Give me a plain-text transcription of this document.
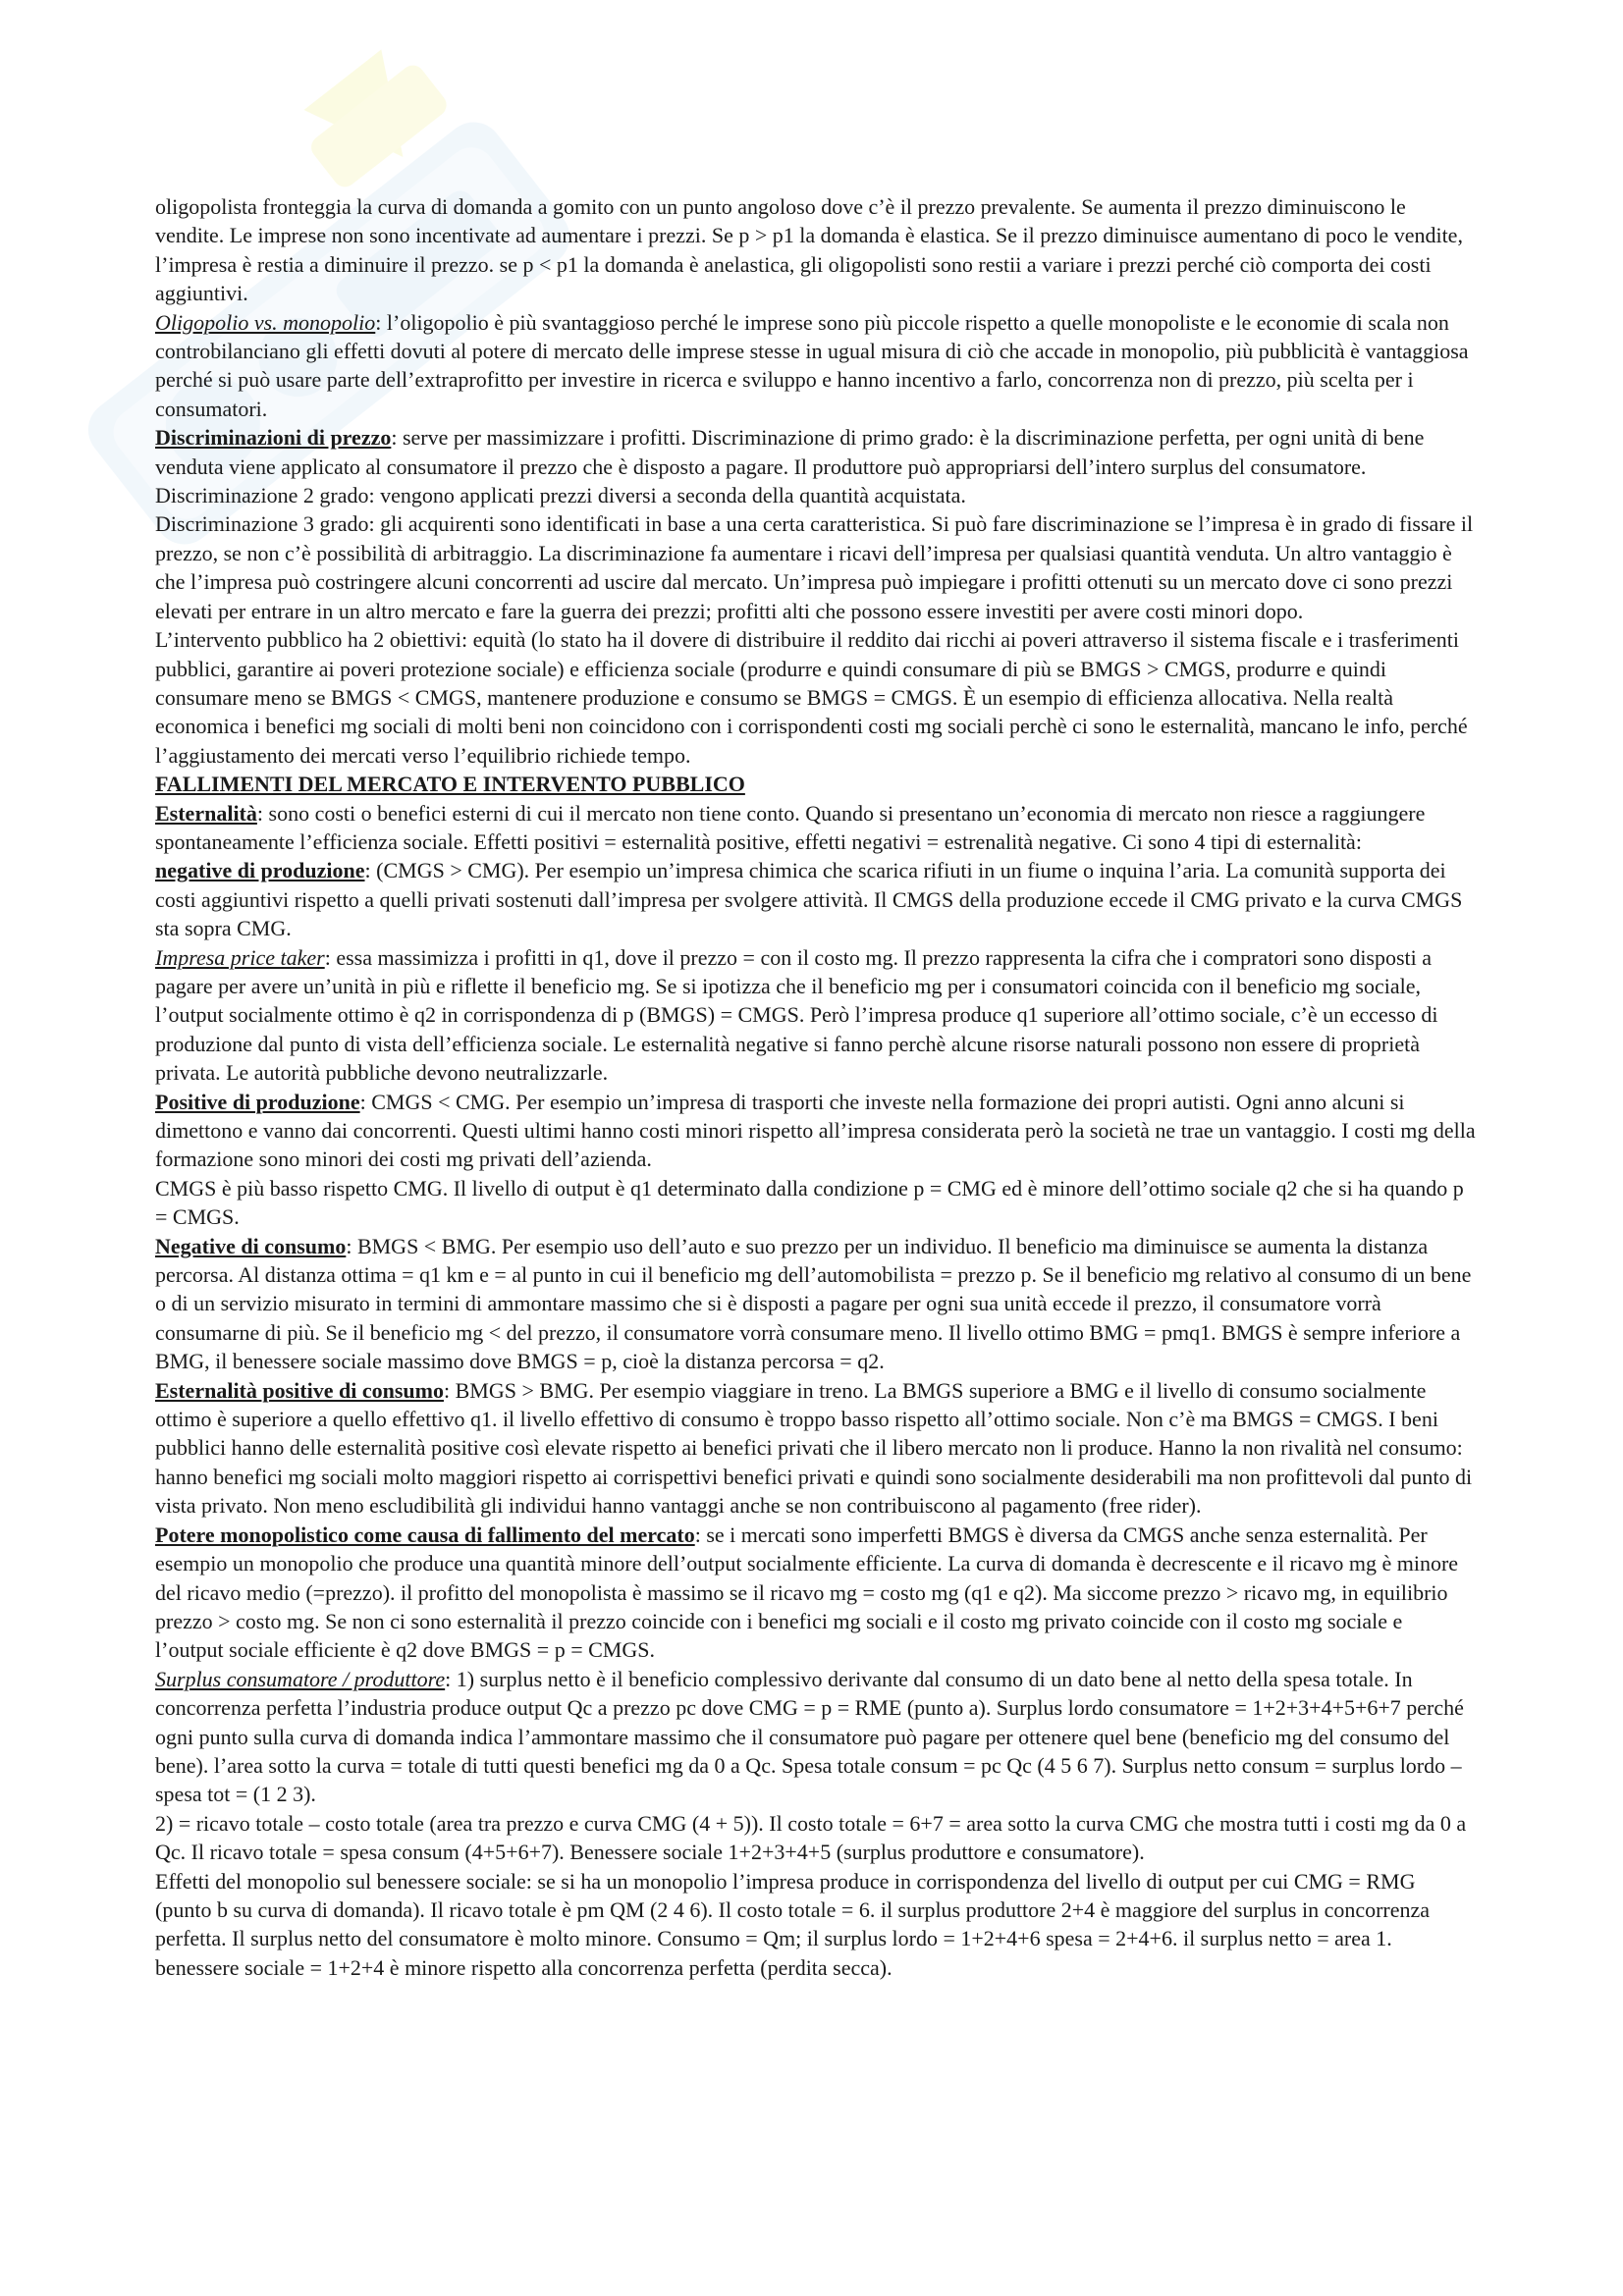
oligopolista fronteggia la curva di domanda a gomito con un punto angoloso dove c’è il prezzo prevalente. Se aumenta il prezzo diminuiscono le vendite. Le imprese non sono incentivate ad aumentare i prezzi. Se p > p1 la domanda è elastica. Se il prezzo diminuisce aumentano di poco le vendite, l’impresa è restia a diminuire il prezzo. se p < p1 la domanda è anelastica, gli oligopolisti sono restii a variare i prezzi perché ciò comporta dei costi aggiuntivi.

Oligopolio vs. monopolio: l’oligopolio è più svantaggioso perché le imprese sono più piccole rispetto a quelle monopoliste e le economie di scala non controbilanciano gli effetti dovuti al potere di mercato delle imprese stesse in ugual misura di ciò che accade in monopolio, più pubblicità è vantaggiosa perché si può usare parte dell’extraprofitto per investire in ricerca e sviluppo e hanno incentivo a farlo, concorrenza non di prezzo, più scelta per i consumatori.

Discriminazioni di prezzo: serve per massimizzare i profitti. Discriminazione di primo grado: è la discriminazione perfetta, per ogni unità di bene venduta viene applicato al consumatore il prezzo che è disposto a pagare. Il produttore può appropriarsi dell’intero surplus del consumatore. Discriminazione 2 grado: vengono applicati prezzi diversi a seconda della quantità acquistata.

Discriminazione 3 grado: gli acquirenti sono identificati in base a una certa caratteristica. Si può fare discriminazione se l’impresa è in grado di fissare il prezzo, se non c’è possibilità di arbitraggio. La discriminazione fa aumentare i ricavi dell’impresa per qualsiasi quantità venduta. Un altro vantaggio è che l’impresa può costringere alcuni concorrenti ad uscire dal mercato. Un’impresa può impiegare i profitti ottenuti su un mercato dove ci sono prezzi elevati per entrare in un altro mercato e fare la guerra dei prezzi; profitti alti che possono essere investiti per avere costi minori dopo.

L’intervento pubblico ha 2 obiettivi: equità (lo stato ha il dovere di distribuire il reddito dai ricchi ai poveri attraverso il sistema fiscale e i trasferimenti pubblici, garantire ai poveri protezione sociale) e efficienza sociale (produrre e quindi consumare di più se BMGS > CMGS, produrre e quindi consumare meno se BMGS < CMGS, mantenere produzione e consumo se BMGS = CMGS. È un esempio di efficienza allocativa. Nella realtà economica i benefici mg sociali di molti beni non coincidono con i corrispondenti costi mg sociali perchè ci sono le esternalità, mancano le info, perché l’aggiustamento dei mercati verso l’equilibrio richiede tempo.

FALLIMENTI DEL MERCATO E INTERVENTO PUBBLICO

Esternalità: sono costi o benefici esterni di cui il mercato non tiene conto. Quando si presentano un’economia di mercato non riesce a raggiungere spontaneamente l’efficienza sociale. Effetti positivi = esternalità positive, effetti negativi = estrenalità negative. Ci sono 4 tipi di esternalità:

negative di produzione: (CMGS > CMG). Per esempio un’impresa chimica che scarica rifiuti in un fiume o inquina l’aria. La comunità supporta dei costi aggiuntivi rispetto a quelli privati sostenuti dall’impresa per svolgere attività. Il CMGS della produzione eccede il CMG privato e la curva CMGS sta sopra CMG.

Impresa price taker: essa massimizza i profitti in q1, dove il prezzo = con il costo mg. Il prezzo rappresenta la cifra che i compratori sono disposti a pagare per avere un’unità in più e riflette il beneficio mg. Se si ipotizza che il beneficio mg per i consumatori coincida con il beneficio mg sociale, l’output socialmente ottimo è q2 in corrispondenza di p (BMGS) = CMGS. Però l’impresa produce q1 superiore all’ottimo sociale, c’è un eccesso di produzione dal punto di vista dell’efficienza sociale. Le esternalità negative si fanno perchè alcune risorse naturali possono non essere di proprietà privata. Le autorità pubbliche devono neutralizzarle.

Positive di produzione: CMGS < CMG. Per esempio un’impresa di trasporti che investe nella formazione dei propri autisti. Ogni anno alcuni si dimettono e vanno dai concorrenti. Questi ultimi hanno costi minori rispetto all’impresa considerata però la società ne trae un vantaggio. I costi mg della formazione sono minori dei costi mg privati dell’azienda.

CMGS è più basso rispetto CMG. Il livello di output è q1 determinato dalla condizione p = CMG ed è minore dell’ottimo sociale q2 che si ha quando p = CMGS.

Negative di consumo: BMGS < BMG. Per esempio uso dell’auto e suo prezzo per un individuo. Il beneficio ma diminuisce se aumenta la distanza percorsa. Al distanza ottima = q1 km e = al punto in cui il beneficio mg dell’automobilista = prezzo p. Se il beneficio mg relativo al consumo di un bene o di un servizio misurato in termini di ammontare massimo che si è disposti a pagare per ogni sua unità eccede il prezzo, il consumatore vorrà consumarne di più. Se il beneficio mg < del prezzo, il consumatore vorrà consumare meno. Il livello ottimo BMG = pmq1. BMGS è sempre inferiore a BMG, il benessere sociale massimo dove BMGS = p, cioè la distanza percorsa = q2.

Esternalità positive di consumo: BMGS > BMG. Per esempio viaggiare in treno. La BMGS superiore a BMG e il livello di consumo socialmente ottimo è superiore a quello effettivo q1. il livello effettivo di consumo è troppo basso rispetto all’ottimo sociale. Non c’è ma BMGS = CMGS. I beni pubblici hanno delle esternalità positive così elevate rispetto ai benefici privati che il libero mercato non li produce. Hanno la non rivalità nel consumo: hanno benefici mg sociali molto maggiori rispetto ai corrispettivi benefici privati e quindi sono socialmente desiderabili ma non profittevoli dal punto di vista privato. Non meno escludibilità gli individui hanno vantaggi anche se non contribuiscono al pagamento (free rider).

Potere monopolistico come causa di fallimento del mercato: se i mercati sono imperfetti BMGS è diversa da CMGS anche senza esternalità. Per esempio un monopolio che produce una quantità minore dell’output socialmente efficiente. La curva di domanda è decrescente e il ricavo mg è minore del ricavo medio (=prezzo). il profitto del monopolista è massimo se il ricavo mg = costo mg (q1 e q2). Ma siccome prezzo > ricavo mg, in equilibrio prezzo > costo mg. Se non ci sono esternalità il prezzo coincide con i benefici mg sociali e il costo mg privato coincide con il costo mg sociale e l’output sociale efficiente è q2 dove BMGS = p = CMGS.

Surplus consumatore / produttore: 1) surplus netto è il beneficio complessivo derivante dal consumo di un dato bene al netto della spesa totale. In concorrenza perfetta l’industria produce output Qc a prezzo pc dove CMG = p = RME (punto a). Surplus lordo consumatore = 1+2+3+4+5+6+7 perché ogni punto sulla curva di domanda indica l’ammontare massimo che il consumatore può pagare per ottenere quel bene (beneficio mg del consumo del bene). l’area sotto la curva = totale di tutti questi benefici mg da 0 a Qc. Spesa totale consum = pc Qc (4 5 6 7). Surplus netto consum = surplus lordo – spesa tot = (1 2 3).

2) = ricavo totale – costo totale (area tra prezzo e curva CMG (4 + 5)). Il costo totale = 6+7 = area sotto la curva CMG che mostra tutti i costi mg da 0 a Qc. Il ricavo totale = spesa consum (4+5+6+7). Benessere sociale 1+2+3+4+5 (surplus produttore e consumatore).

Effetti del monopolio sul benessere sociale: se si ha un monopolio l’impresa produce in corrispondenza del livello di output per cui CMG = RMG (punto b su curva di domanda). Il ricavo totale è pm QM (2 4 6). Il costo totale = 6. il surplus produttore 2+4 è maggiore del surplus in concorrenza perfetta. Il surplus netto del consumatore è molto minore. Consumo = Qm; il surplus lordo = 1+2+4+6 spesa = 2+4+6. il surplus netto = area 1. benessere sociale = 1+2+4 è minore rispetto alla concorrenza perfetta (perdita secca).
